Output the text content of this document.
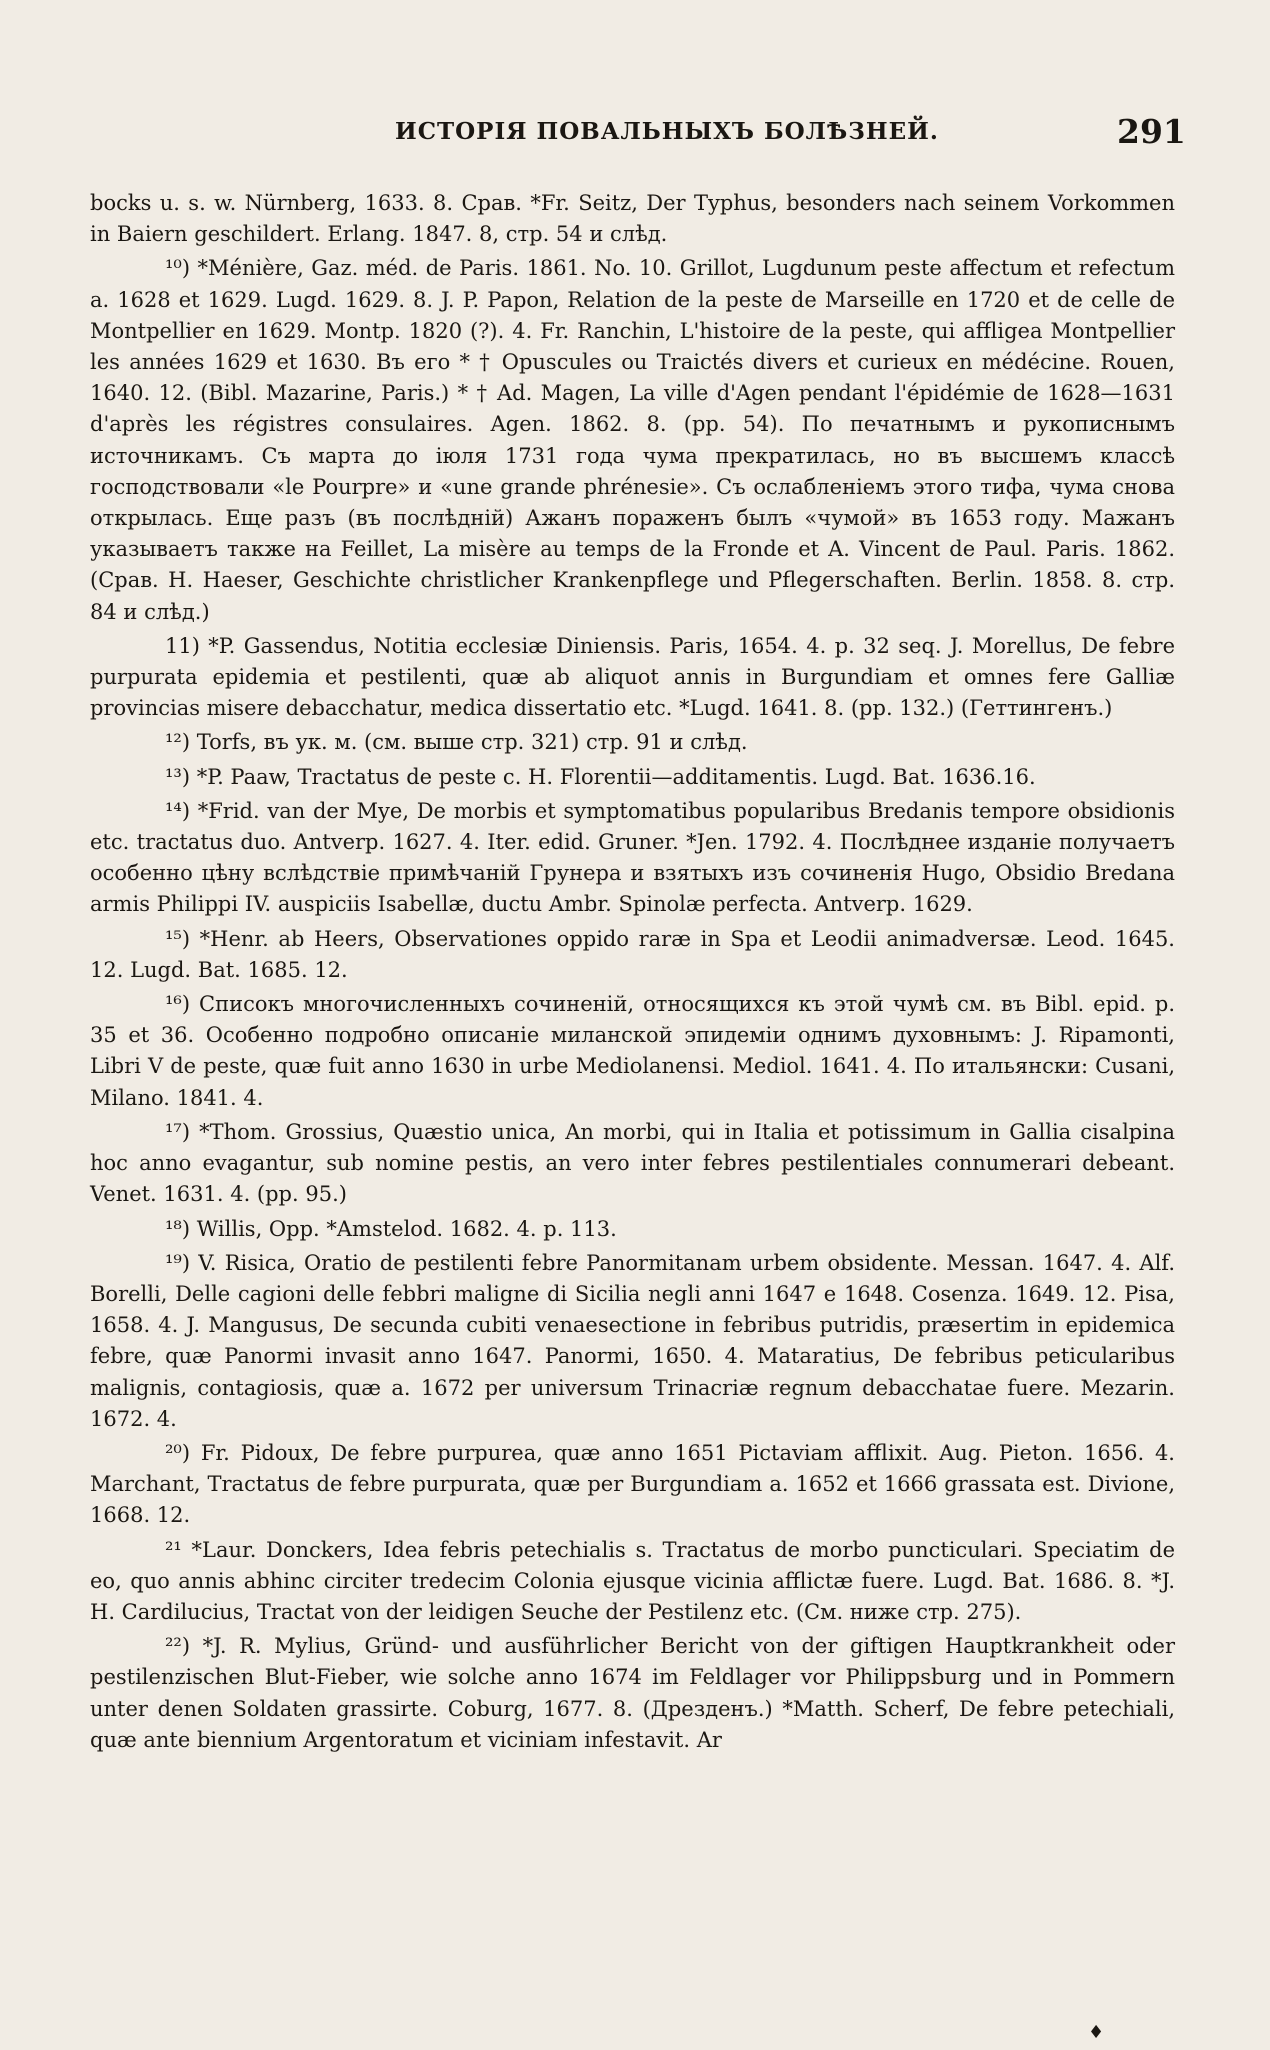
ИСТОРІЯ ПОВАЛЬНЫХЪ БОЛѢЗНЕЙ.	291

bocks u. s. w. Nürnberg, 1633. 8. Срав. *Fr. Seitz, Der Typhus, besonders nach seinem Vorkommen in Baiern geschildert. Erlang. 1847. 8, стр. 54 и слѣд.

¹⁰) *Ménière, Gaz. méd. de Paris. 1861. No. 10. Grillot, Lugdunum peste affectum et refectum a. 1628 et 1629. Lugd. 1629. 8. J. P. Papon, Relation de la peste de Marseille en 1720 et de celle de Montpellier en 1629. Montp. 1820 (?). 4. Fr. Ranchin, L'histoire de la peste, qui affligea Montpellier les années 1629 et 1630. Въ его * † Opuscules ou Traictés divers et curieux en médécine. Rouen, 1640. 12. (Bibl. Mazarine, Paris.) * † Ad. Magen, La ville d'Agen pendant l'épidémie de 1628—1631 d'après les régistres consulaires. Agen. 1862. 8. (pp. 54). По печатнымъ и рукописнымъ источникамъ. Съ марта до іюля 1731 года чума прекратилась, но въ высшемъ классѣ господствовали «le Pourpre» и «une grande phrénesie». Съ ослабленіемъ этого тифа, чума снова открылась. Еще разъ (въ послѣдній) Ажанъ пораженъ былъ «чумой» въ 1653 году. Мажанъ указываетъ также на Feillet, La misère au temps de la Fronde et A. Vincent de Paul. Paris. 1862. (Срав. H. Haeser, Geschichte christlicher Krankenpflege und Pflegerschaften. Berlin. 1858. 8. стр. 84 и слѣд.)

11) *P. Gassendus, Notitia ecclesiæ Diniensis. Paris, 1654. 4. p. 32 seq. J. Morellus, De febre purpurata epidemia et pestilenti, quæ ab aliquot annis in Burgundiam et omnes fere Galliæ provincias misere debacchatur, medica dissertatio etc. *Lugd. 1641. 8. (pp. 132.) (Геттингенъ.)

¹²) Torfs, въ ук. м. (см. выше стр. 321) стр. 91 и слѣд.

¹³) *P. Paaw, Tractatus de peste c. H. Florentii—additamentis. Lugd. Bat. 1636.16.

¹⁴) *Frid. van der Mye, De morbis et symptomatibus popularibus Bredanis tempore obsidionis etc. tractatus duo. Antverp. 1627. 4. Iter. edid. Gruner. *Jen. 1792. 4. Послѣднее изданіе получаетъ особенно цѣну вслѣдствіе примѣчаній Грунера и взятыхъ изъ сочиненія Hugo, Obsidio Bredana armis Philippi IV. auspiciis Isabellæ, ductu Ambr. Spinolæ perfecta. Antverp. 1629.

¹⁵) *Henr. ab Heers, Observationes oppido raræ in Spa et Leodii animadversæ. Leod. 1645. 12. Lugd. Bat. 1685. 12.

¹⁶) Списокъ многочисленныхъ сочиненій, относящихся къ этой чумѣ см. въ Bibl. epid. p. 35 et 36. Особенно подробно описаніе миланской эпидеміи однимъ духовнымъ: J. Ripamonti, Libri V de peste, quæ fuit anno 1630 in urbe Mediolanensi. Mediol. 1641. 4. По итальянски: Cusani, Milano. 1841. 4.

¹⁷) *Thom. Grossius, Quæstio unica, An morbi, qui in Italia et potissimum in Gallia cisalpina hoc anno evagantur, sub nomine pestis, an vero inter febres pestilentiales connumerari debeant. Venet. 1631. 4. (pp. 95.)

¹⁸) Willis, Opp. *Amstelod. 1682. 4. p. 113.

¹⁹) V. Risica, Oratio de pestilenti febre Panormitanam urbem obsidente. Messan. 1647. 4. Alf. Borelli, Delle cagioni delle febbri maligne di Sicilia negli anni 1647 e 1648. Cosenza. 1649. 12. Pisa, 1658. 4. J. Mangusus, De secunda cubiti venaesectione in febribus putridis, præsertim in epidemica febre, quæ Panormi invasit anno 1647. Panormi, 1650. 4. Mataratius, De febribus peticularibus malignis, contagiosis, quæ a. 1672 per universum Trinacriæ regnum debacchatae fuere. Mezarin. 1672. 4.

²⁰) Fr. Pidoux, De febre purpurea, quæ anno 1651 Pictaviam afflixit. Aug. Pieton. 1656. 4. Marchant, Tractatus de febre purpurata, quæ per Burgundiam a. 1652 et 1666 grassata est. Divione, 1668. 12.

²¹ *Laur. Donckers, Idea febris petechialis s. Tractatus de morbo puncticulari. Speciatim de eo, quo annis abhinc circiter tredecim Colonia ejusque vicinia afflictæ fuere. Lugd. Bat. 1686. 8. *J. H. Cardilucius, Tractat von der leidigen Seuche der Pestilenz etc. (См. ниже стр. 275).

²²) *J. R. Mylius, Gründ- und ausführlicher Bericht von der giftigen Hauptkrankheit oder pestilenzischen Blut-Fieber, wie solche anno 1674 im Feldlager vor Philippsburg und in Pommern unter denen Soldaten grassirte. Coburg, 1677. 8. (Дрезденъ.) *Matth. Scherf, De febre petechiali, quæ ante biennium Argentoratum et viciniam infestavit. Ar

♦
